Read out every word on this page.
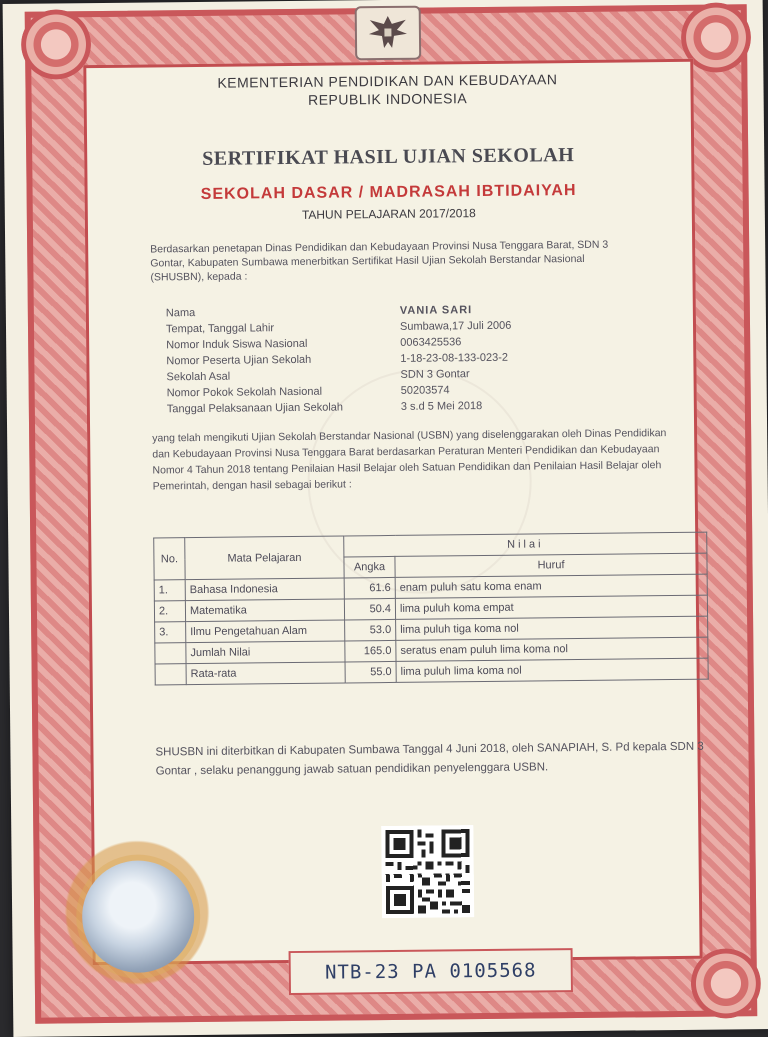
KEMENTERIAN PENDIDIKAN DAN KEBUDAYAAN
REPUBLIK INDONESIA
SERTIFIKAT HASIL UJIAN SEKOLAH
SEKOLAH DASAR / MADRASAH IBTIDAIYAH
TAHUN PELAJARAN 2017/2018
Berdasarkan penetapan Dinas Pendidikan dan Kebudayaan Provinsi Nusa Tenggara Barat, SDN 3 Gontar, Kabupaten Sumbawa menerbitkan Sertifikat Hasil Ujian Sekolah Berstandar Nasional (SHUSBN), kepada :
Nama	VANIA SARI
Tempat, Tanggal Lahir	Sumbawa,17 Juli 2006
Nomor Induk Siswa Nasional	0063425536
Nomor Peserta Ujian Sekolah	1-18-23-08-133-023-2
Sekolah Asal	SDN 3 Gontar
Nomor Pokok Sekolah Nasional	50203574
Tanggal Pelaksanaan Ujian Sekolah	3 s.d 5 Mei 2018
yang telah mengikuti Ujian Sekolah Berstandar Nasional (USBN) yang diselenggarakan oleh Dinas Pendidikan dan Kebudayaan Provinsi Nusa Tenggara Barat berdasarkan Peraturan Menteri Pendidikan dan Kebudayaan Nomor 4 Tahun 2018 tentang Penilaian Hasil Belajar oleh Satuan Pendidikan dan Penilaian Hasil Belajar oleh Pemerintah, dengan hasil sebagai berikut :
No.	Mata Pelajaran	Nilai	
		Angka	Huruf
1.	Bahasa Indonesia	61.6	enam puluh satu koma enam
2.	Matematika	50.4	lima puluh koma empat
3.	Ilmu Pengetahuan Alam	53.0	lima puluh tiga koma nol
	Jumlah Nilai	165.0	seratus enam puluh lima koma nol
	Rata-rata	55.0	lima puluh lima koma nol
SHUSBN ini diterbitkan di Kabupaten Sumbawa Tanggal 4 Juni 2018, oleh SANAPIAH, S. Pd kepala SDN 3 Gontar , selaku penanggung jawab satuan pendidikan penyelenggara USBN.
NTB-23 PA 0105568
